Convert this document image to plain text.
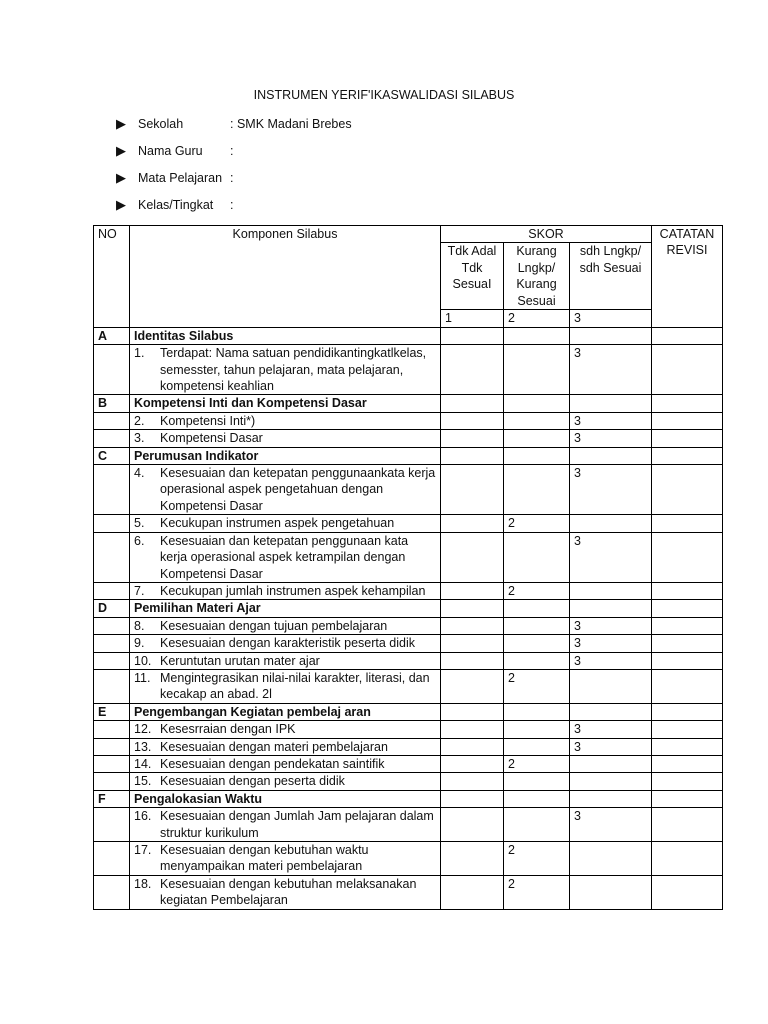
INSTRUMEN YERIF'IKASWALIDASI SILABUS
▶ Sekolah	: SMK Madani Brebes
▶ Nama Guru :
▶ Mata Pelajaran :
▶ Kelas/Tingkat :
NO	Komponen Silabus	SKOR			CATATAN REVISI
		Tdk Adal Tdk SesuaI	Kurang Lngkp/ Kurang Sesuai	sdh Lngkp/ sdh Sesuai	
		1	2	3	
A	Identitas Silabus				

	1. Terdapat: Nama satuan pendidikantingkatlkelas, semesster, tahun pelajaran, mata pelajaran, kompetensi keahlian			3	
B	Kompetensi Inti dan Kompetensi Dasar				

	2. Kompetensi Inti*)			3	

	3. Kompetensi Dasar			3	
C	Perumusan Indikator				

	4. Kesesuaian dan ketepatan penggunaankata kerja operasional aspek pengetahuan dengan Kompetensi Dasar			3	

	5. Kecukupan instrumen aspek pengetahuan		2		

	6. Kesesuaian dan ketepatan penggunaan kata kerja operasional aspek ketrampilan dengan Kompetensi Dasar			3	

	7. Kecukupan jumlah instrumen aspek kehampilan		2		
D	Pemilihan Materi Ajar				

	8. Kesesuaian dengan tujuan pembelajaran			3	

	9. Kesesuaian dengan karakteristik peserta didik			3	

	10. Keruntutan urutan mater ajar			3	

	11. Mengintegrasikan nilai-nilai karakter, literasi, dan kecakap an abad. 2l		2		
E	Pengembangan Kegiatan pembelaj aran				

	12. Kesesrraian dengan IPK			3	

	13. Kesesuaian dengan materi pembelajaran			3	

	14. Kesesuaian dengan pendekatan saintifik		2		

	15. Kesesuaian dengan peserta didik				

F	Pengalokasian Waktu				

	16. Kesesuaian dengan Jumlah Jam pelajaran dalam struktur kurikulum			3	

	17. Kesesuaian dengan kebutuhan waktu menyampaikan materi pembelajaran		2		

	18. Kesesuaian dengan kebutuhan melaksanakan kegiatan Pembelajaran		2		
